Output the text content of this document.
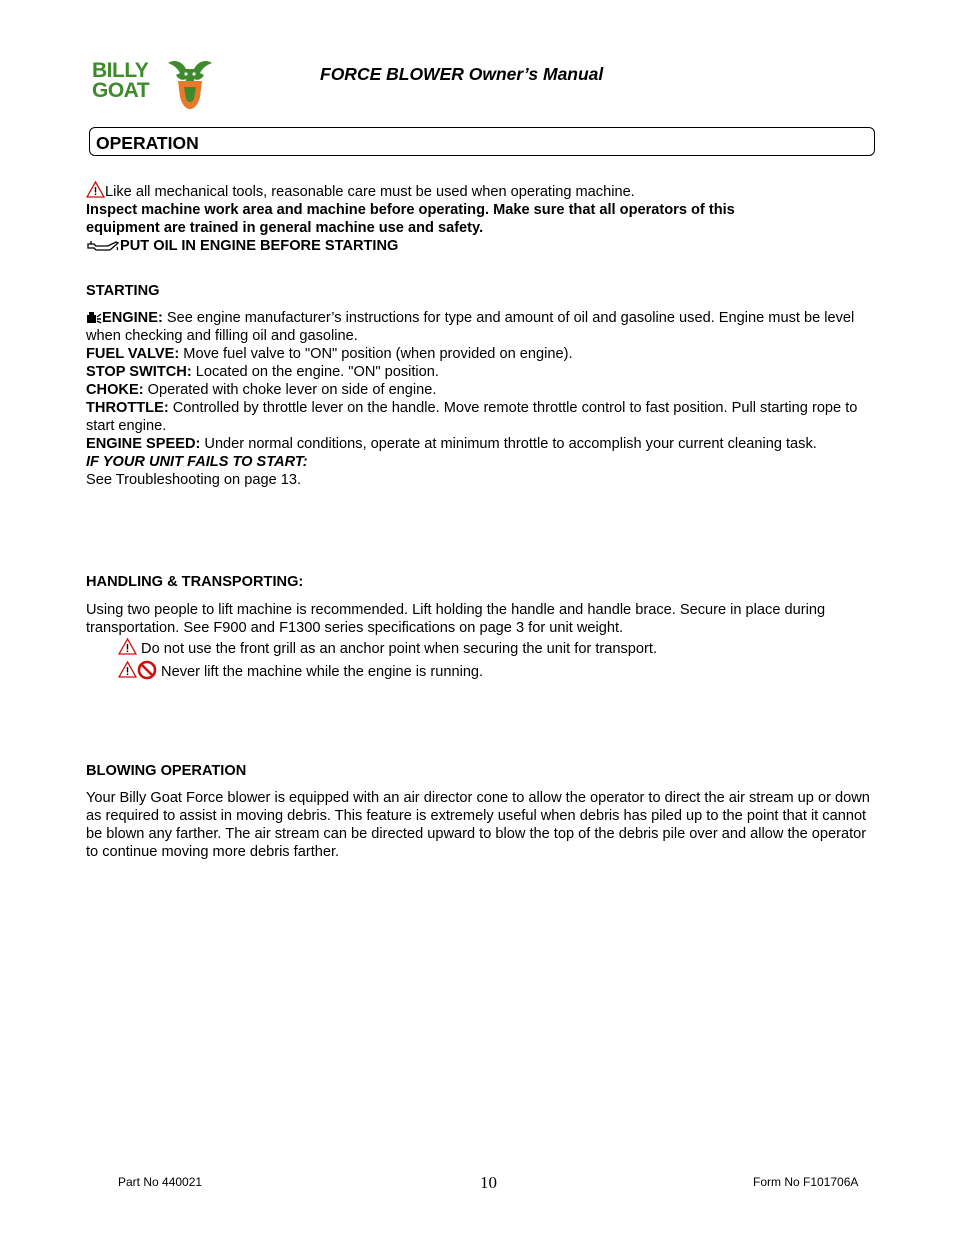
BILLY
GOAT
FORCE BLOWER Owner’s Manual
OPERATION

Like all mechanical tools, reasonable care must be used when operating machine.

Inspect machine work area and machine before operating. Make sure that all operators of this equipment are trained in general machine use and safety.

PUT OIL IN ENGINE BEFORE STARTING

STARTING

ENGINE: See engine manufacturer’s instructions for type and amount of oil and gasoline used. Engine must be level when checking and filling oil and gasoline.

FUEL VALVE: Move fuel valve to "ON" position (when provided on engine).

STOP SWITCH: Located on the engine. "ON" position.

CHOKE: Operated with choke lever on side of engine.

THROTTLE: Controlled by throttle lever on the handle. Move remote throttle control to fast position. Pull starting rope to start engine.

ENGINE SPEED: Under normal conditions, operate at minimum throttle to accomplish your current cleaning task.

IF YOUR UNIT FAILS TO START:

See Troubleshooting on page 13.

HANDLING & TRANSPORTING:
Using two people to lift machine is recommended. Lift holding the handle and handle brace. Secure in place during transportation. See F900 and F1300 series specifications on page 3 for unit weight.
Do not use the front grill as an anchor point when securing the unit for transport.
Never lift the machine while the engine is running.
BLOWING OPERATION
Your Billy Goat Force blower is equipped with an air director cone to allow the operator to direct the air stream up or down as required to assist in moving debris. This feature is extremely useful when debris has piled up to the point that it cannot be blown any farther. The air stream can be directed upward to blow the top of the debris pile over and allow the operator to continue moving more debris farther.
Part No 440021	10	Form No F101706A
